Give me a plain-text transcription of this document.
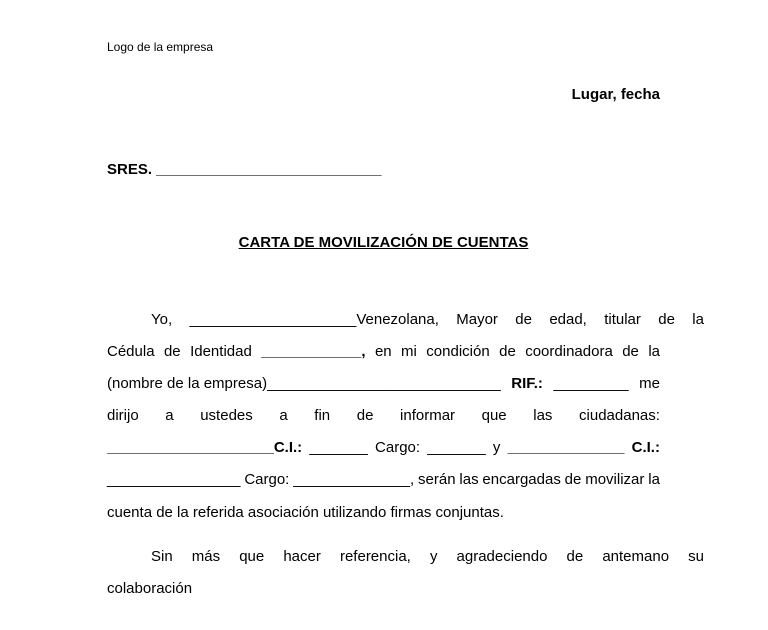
Logo de la empresa
Lugar, fecha
SRES. ___________________________
CARTA DE MOVILIZACIÓN DE CUENTAS
Yo, ____________________Venezolana, Mayor de edad, titular de la
Cédula de Identidad ____________, en mi condición de coordinadora de la
(nombre de la empresa)____________________________ RIF.: _________ me
dirijo a ustedes a fin de informar que las ciudadanas:
____________________C.I.: _______ Cargo: _______ y ______________ C.I.:
________________ Cargo: ______________, serán las encargadas de movilizar la
cuenta de la referida asociación utilizando firmas conjuntas.
Sin más que hacer referencia, y agradeciendo de antemano su
colaboración
